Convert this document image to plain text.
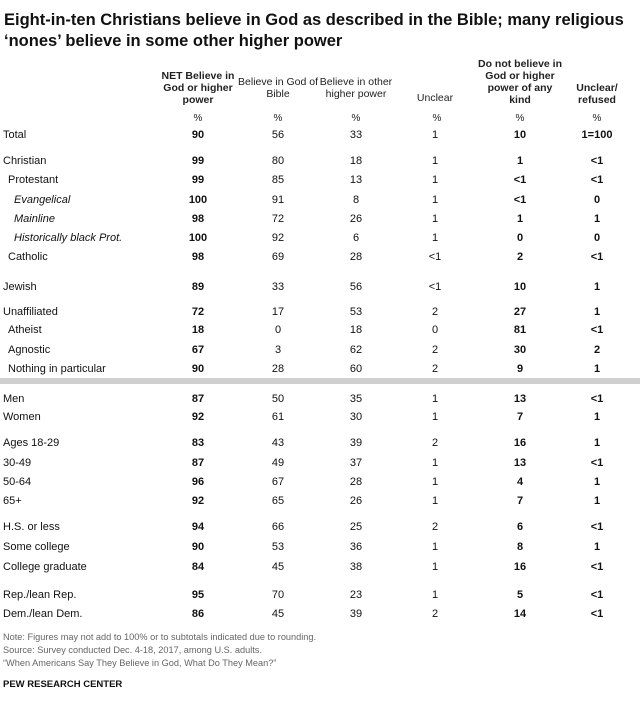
Eight-in-ten Christians believe in God as described in the Bible; many religious ‘nones’ believe in some other higher power
NET Believe in God or higher power
Believe in God of Bible
Believe in other higher power	Unclear
Do not believe in God or higher power of any kind
Unclear/ refused
%	%	%	%	%	%
Total	90	56	33	1	10	1=100
Christian	99	80	18	1	1	<1
Protestant	99	85	13	1	<1	<1
Evangelical	100	91	8	1	<1	0
Mainline	98	72	26	1	1	1
Historically black Prot.	100	92	6	1	0	0
Catholic	98	69	28	<1	2	<1
Jewish	89	33	56	<1	10	1
Unaffiliated	72	17	53	2	27	1
Atheist	18	0	18	0	81	<1
Agnostic	67	3	62	2	30	2
Nothing in particular	90	28	60	2	9	1
Men	87	50	35	1	13	<1
Women	92	61	30	1	7	1
Ages 18-29	83	43	39	2	16	1
30-49	87	49	37	1	13	<1
50-64	96	67	28	1	4	1
65+	92	65	26	1	7	1
H.S. or less	94	66	25	2	6	<1
Some college	90	53	36	1	8	1
College graduate	84	45	38	1	16	<1
Rep./lean Rep.	95	70	23	1	5	<1
Dem./lean Dem.	86	45	39	2	14	<1
Note: Figures may not add to 100% or to subtotals indicated due to rounding.
Source: Survey conducted Dec. 4-18, 2017, among U.S. adults.
“When Americans Say They Believe in God, What Do They Mean?”
PEW RESEARCH CENTER
